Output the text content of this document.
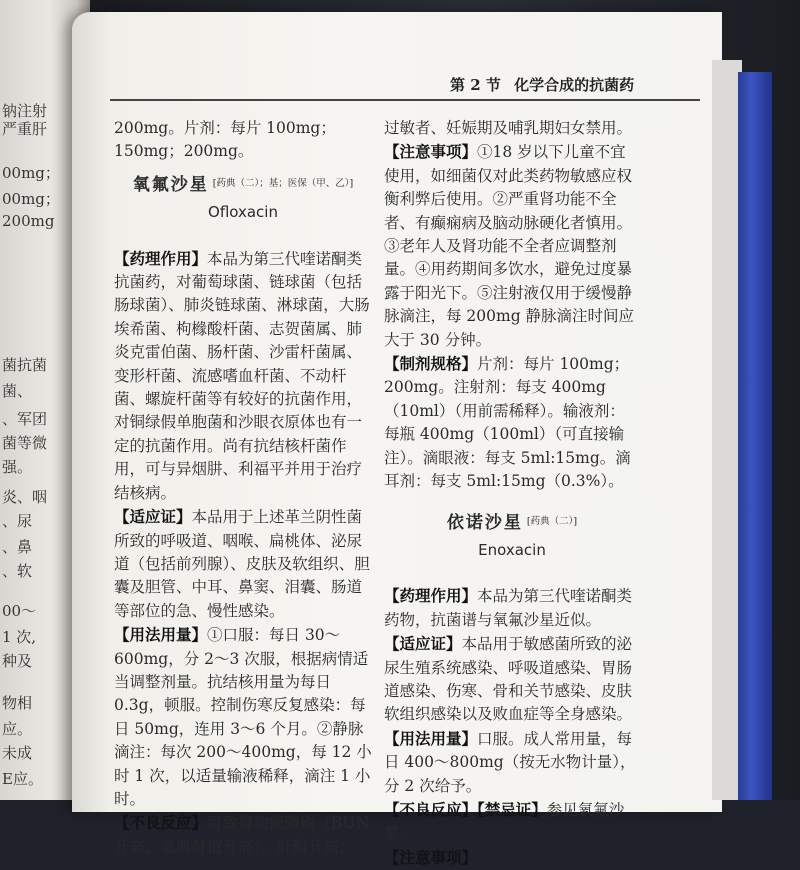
钠注射
严重肝
00mg；
00mg；
200mg
菌抗菌
菌、
、军团
菌等微
强。
炎、咽
、尿
、鼻
、软
00～
1 次,
种及
物相
应。
未成
E应。
第 2 节 化学合成的抗菌药
200mg。片剂：每片 100mg；150mg；200mg。
氧氟沙星 [药典（二）；基；医保（甲、乙）]
Ofloxacin
【药理作用】本品为第三代喹诺酮类抗菌药，对葡萄球菌、链球菌（包括肠球菌）、肺炎链球菌、淋球菌，大肠埃希菌、枸橼酸杆菌、志贺菌属、肺炎克雷伯菌、肠杆菌、沙雷杆菌属、变形杆菌、流感嗜血杆菌、不动杆菌、螺旋杆菌等有较好的抗菌作用，对铜绿假单胞菌和沙眼衣原体也有一定的抗菌作用。尚有抗结核杆菌作用，可与异烟肼、利福平并用于治疗结核病。
【适应证】本品用于上述革兰阴性菌所致的呼吸道、咽喉、扁桃体、泌尿道（包括前列腺）、皮肤及软组织、胆囊及胆管、中耳、鼻窦、泪囊、肠道等部位的急、慢性感染。
【用法用量】①口服：每日 30～600mg，分 2～3 次服，根据病情适当调整剂量。抗结核用量为每日 0.3g，顿服。控制伤寒反复感染：每日 50mg，连用 3～6 个月。②静脉滴注：每次 200～400mg，每 12 小时 1 次，以适量输液稀释，滴注 1 小时。
【不良反应】可致肾功能障碍（BUN 升高、血肌酐值升高），肝酶升高、
过敏者、妊娠期及哺乳期妇女禁用。
【注意事项】①18 岁以下儿童不宜使用，如细菌仅对此类药物敏感应权衡利弊后使用。②严重肾功能不全者、有癫痫病及脑动脉硬化者慎用。③老年人及肾功能不全者应调整剂量。④用药期间多饮水，避免过度暴露于阳光下。⑤注射液仅用于缓慢静脉滴注，每 200mg 静脉滴注时间应大于 30 分钟。
【制剂规格】片剂：每片 100mg；200mg。注射剂：每支 400mg（10ml）（用前需稀释）。输液剂：每瓶 400mg（100ml）（可直接输注）。滴眼液：每支 5ml:15mg。滴耳剂：每支 5ml:15mg（0.3%）。
依诺沙星 [药典（二）]
Enoxacin
【药理作用】本品为第三代喹诺酮类药物，抗菌谱与氧氟沙星近似。
【适应证】本品用于敏感菌所致的泌尿生殖系统感染、呼吸道感染、胃肠道感染、伤寒、骨和关节感染、皮肤软组织感染以及败血症等全身感染。
【用法用量】口服。成人常用量，每日 400～800mg（按无水物计量），分 2 次给予。
【不良反应】【禁忌证】参见氧氟沙星。
【注意事项】
